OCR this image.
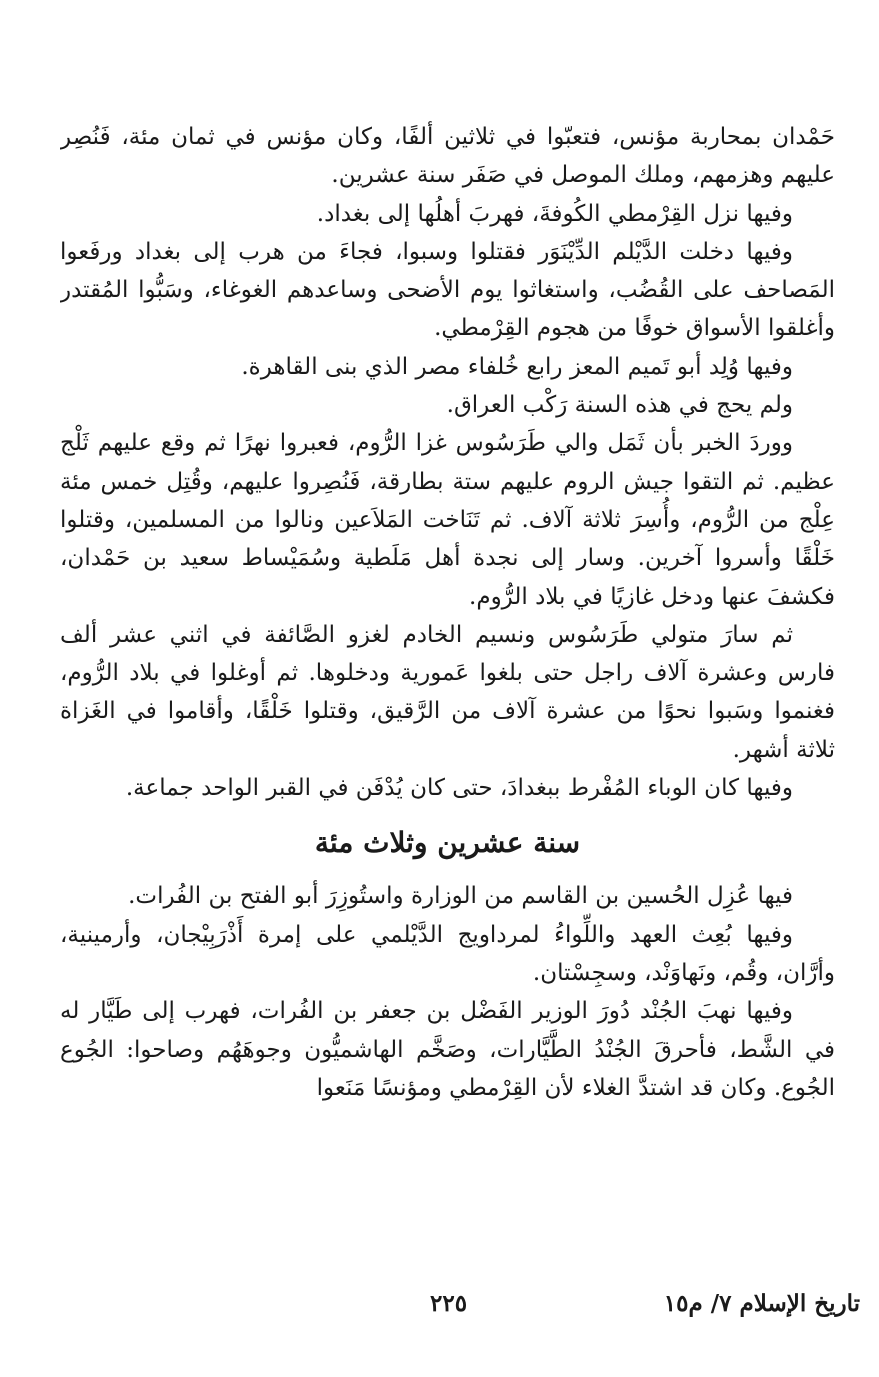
حَمْدان بمحاربة مؤنس، فتعبّوا في ثلاثين ألفًا، وكان مؤنس في ثمان مئة، فَنُصِر عليهم وهزمهم، وملك الموصل في صَفَر سنة عشرين.

وفيها نزل القِرْمطي الكُوفةَ، فهربَ أهلُها إلى بغداد.

وفيها دخلت الدَّيْلم الدِّيْنَوَر فقتلوا وسبوا، فجاءَ من هرب إلى بغداد ورفَعوا المَصاحف على القُضُب، واستغاثوا يوم الأضحى وساعدهم الغوغاء، وسَبُّوا المُقتدر وأغلقوا الأسواق خوفًا من هجوم القِرْمطي.

وفيها وُلِد أبو تَميم المعز رابع خُلفاء مصر الذي بنى القاهرة.

ولم يحج في هذه السنة رَكْب العراق.

ووردَ الخبر بأن ثَمَل والي طَرَسُوس غزا الرُّوم، فعبروا نهرًا ثم وقع عليهم ثَلْج عظيم. ثم التقوا جيش الروم عليهم ستة بطارقة، فَنُصِروا عليهم، وقُتِل خمس مئة عِلْج من الرُّوم، وأُسِرَ ثلاثة آلاف. ثم تَنَاخت المَلاَعين ونالوا من المسلمين، وقتلوا خَلْقًا وأسروا آخرين. وسار إلى نجدة أهل مَلَطية وسُمَيْساط سعيد بن حَمْدان، فكشفَ عنها ودخل غازيًا في بلاد الرُّوم.

ثم سارَ متولي طَرَسُوس ونسيم الخادم لغزو الصَّائفة في اثني عشر ألف فارس وعشرة آلاف راجل حتى بلغوا عَمورية ودخلوها. ثم أوغلوا في بلاد الرُّوم، فغنموا وسَبوا نحوًا من عشرة آلاف من الرَّقيق، وقتلوا خَلْقًا، وأقاموا في الغَزاة ثلاثة أشهر.

وفيها كان الوباء المُفْرط ببغدادَ، حتى كان يُدْفَن في القبر الواحد جماعة.

سنة عشرين وثلاث مئة

فيها عُزِل الحُسين بن القاسم من الوزارة واستُوزِرَ أبو الفتح بن الفُرات.

وفيها بُعِث العهد واللِّواءُ لمرداويج الدَّيْلمي على إمرة أَذْرَبِيْجان، وأرمينية، وأرَّان، وقُم، ونَهاوَنْد، وسجِسْتان.

وفيها نهبَ الجُنْد دُورَ الوزير الفَضْل بن جعفر بن الفُرات، فهرب إلى طَيَّار له في الشَّط، فأحرقَ الجُنْدُ الطَّيَّارات، وصَخَّم الهاشميُّون وجوهَهُم وصاحوا: الجُوع الجُوع. وكان قد اشتدَّ الغلاء لأن القِرْمطي ومؤنسًا مَنَعوا

تاريخ الإسلام ٧/ م١٥
٢٢٥
